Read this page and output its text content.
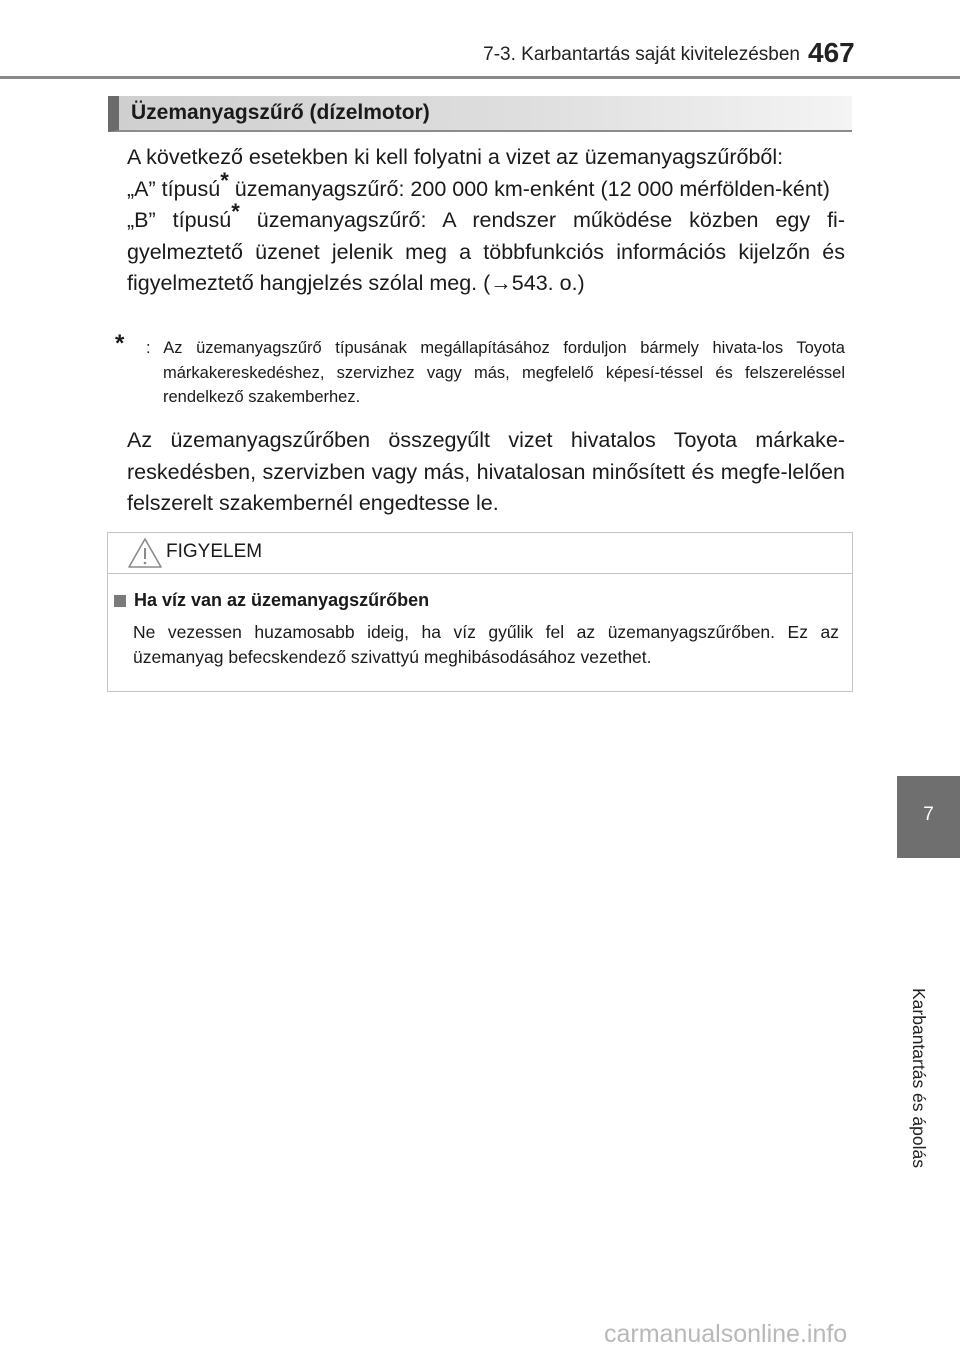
7-3. Karbantartás saját kivitelezésben 467
Üzemanyagszűrő (dízelmotor)
A következő esetekben ki kell folyatni a vizet az üzemanyagszűrőből:
„A” típusú* üzemanyagszűrő: 200 000 km-enként (12 000 mérfölden-ként)
„B” típusú* üzemanyagszűrő: A rendszer működése közben egy fi-gyelmeztető üzenet jelenik meg a többfunkciós információs kijelzőn és figyelmeztető hangjelzés szólal meg. (→543. o.)
* : Az üzemanyagszűrő típusának megállapításához forduljon bármely hivata-los Toyota márkakereskedéshez, szervizhez vagy más, megfelelő képesí-téssel és felszereléssel rendelkező szakemberhez.
Az üzemanyagszűrőben összegyűlt vizet hivatalos Toyota márkake-reskedésben, szervizben vagy más, hivatalosan minősített és megfe-lelően felszerelt szakembernél engedtesse le.
FIGYELEM
Ha víz van az üzemanyagszűrőben
Ne vezessen huzamosabb ideig, ha víz gyűlik fel az üzemanyagszűrőben. Ez az üzemanyag befecskendező szivattyú meghibásodásához vezethet.
7
Karbantartás és ápolás
carmanualsonline.info
